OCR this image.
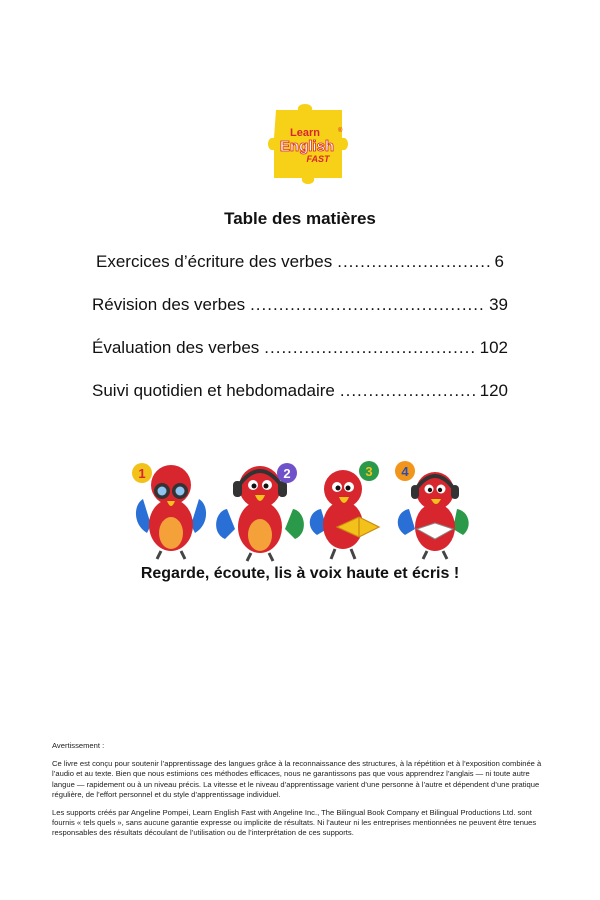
Learn	®
English
FAST
Table des matières
Exercices d’écriture des verbes .....	6
Révision des verbes .....	39
Évaluation des verbes .....	102
Suivi quotidien et hebdomadaire .....	120
1	2	3 4
Regarde, écoute, lis à voix haute et écris !

Avertissement :

Ce livre est conçu pour soutenir l’apprentissage des langues grâce à la reconnaissance des structures, à la répétition et à l’exposition combinée à l’audio et au texte. Bien que nous estimions ces méthodes efficaces, nous ne garantissons pas que vous apprendrez l’anglais — ni toute autre langue — rapidement ou à un niveau précis. La vitesse et le niveau d’apprentissage varient d’une personne à l’autre et dépendent d’une pratique régulière, de l’effort personnel et du style d’apprentissage individuel.

Les supports créés par Angeline Pompei, Learn English Fast with Angeline Inc., The Bilingual Book Company et Bilingual Productions Ltd. sont fournis « tels quels », sans aucune garantie expresse ou implicite de résultats. Ni l’auteur ni les entreprises mentionnées ne peuvent être tenues responsables des résultats découlant de l’utilisation ou de l’interprétation de ces supports.
